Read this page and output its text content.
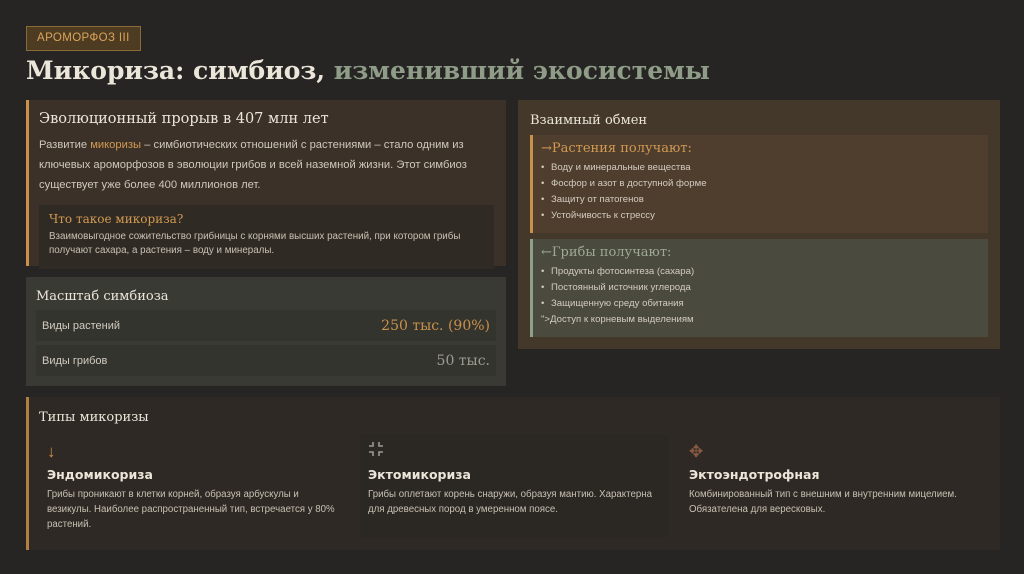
АРОМОРФОЗ III
Микориза: симбиоз, изменивший экосистемы
Эволюционный прорыв в 407 млн лет

Развитие микоризы – симбиотических отношений с растениями – стало одним из ключевых ароморфозов в эволюции грибов и всей наземной жизни. Этот симбиоз существует уже более 400 миллионов лет.

Что такое микориза?
Взаимовыгодное сожительство грибницы с корнями высших растений, при котором грибы получают сахара, а растения – воду и минералы.
Масштаб симбиоза
Виды растений	250 тыс. (90%)
Виды грибов	50 тыс.
Взаимный обмен
→Растения получают:
• Воду и минеральные вещества
• Фосфор и азот в доступной форме
• Защиту от патогенов
• Устойчивость к стрессу
←Грибы получают:
• Продукты фотосинтеза (сахара)
• Постоянный источник углерода
• Защищенную среду обитания
">Доступ к корневым выделениям
Типы микоризы
↓
Эндомикориза
Грибы проникают в клетки корней, образуя арбускулы и везикулы. Наиболее распространенный тип, встречается у 80% растений.
Эктомикориза
Грибы оплетают корень снаружи, образуя мантию. Характерна для древесных пород в умеренном поясе.
✥
Эктоэндотрофная
Комбинированный тип с внешним и внутренним мицелием. Обязателена для вересковых.
